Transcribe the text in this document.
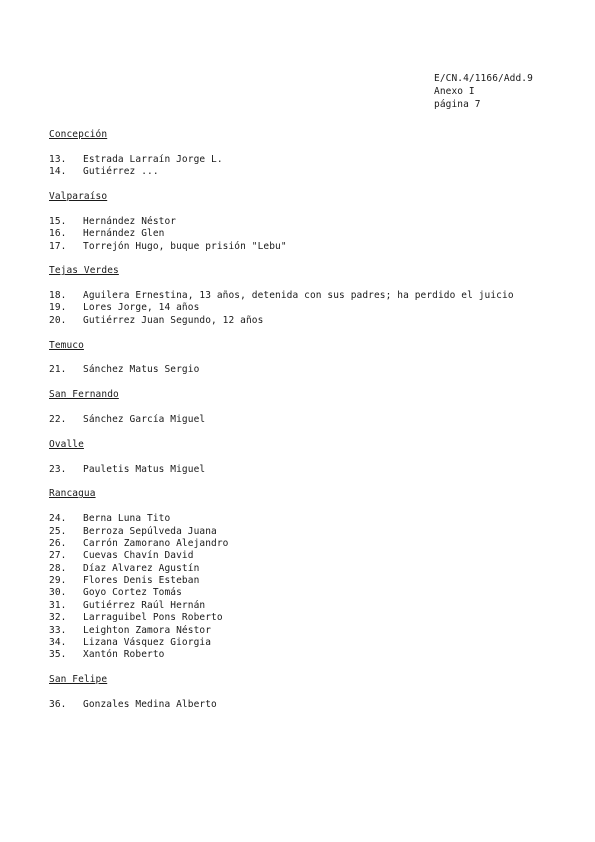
E/CN.4/1166/Add.9
Anexo I
página 7
Concepción
13.	Estrada Larraín Jorge L.
14.	Gutiérrez ...
Valparaíso
15.	Hernández Néstor
16.	Hernández Glen
17.	Torrejón Hugo, buque prisión "Lebu"
Tejas Verdes
18.	Aguilera Ernestina, 13 años, detenida con sus padres; ha perdido el juicio
19.	Lores Jorge, 14 años
20.	Gutiérrez Juan Segundo, 12 años
Temuco
21.	Sánchez Matus Sergio
San Fernando
22.	Sánchez García Miguel
Ovalle
23.	Pauletis Matus Miguel
Rancagua
24.	Berna Luna Tito
25.	Berroza Sepúlveda Juana
26.	Carrón Zamorano Alejandro
27.	Cuevas Chavín David
28.	Díaz Alvarez Agustín
29.	Flores Denis Esteban
30.	Goyo Cortez Tomás
31.	Gutiérrez Raúl Hernán
32.	Larraguibel Pons Roberto
33.	Leighton Zamora Néstor
34.	Lizana Vásquez Giorgia
35.	Xantón Roberto
San Felipe
36.	Gonzales Medina Alberto
